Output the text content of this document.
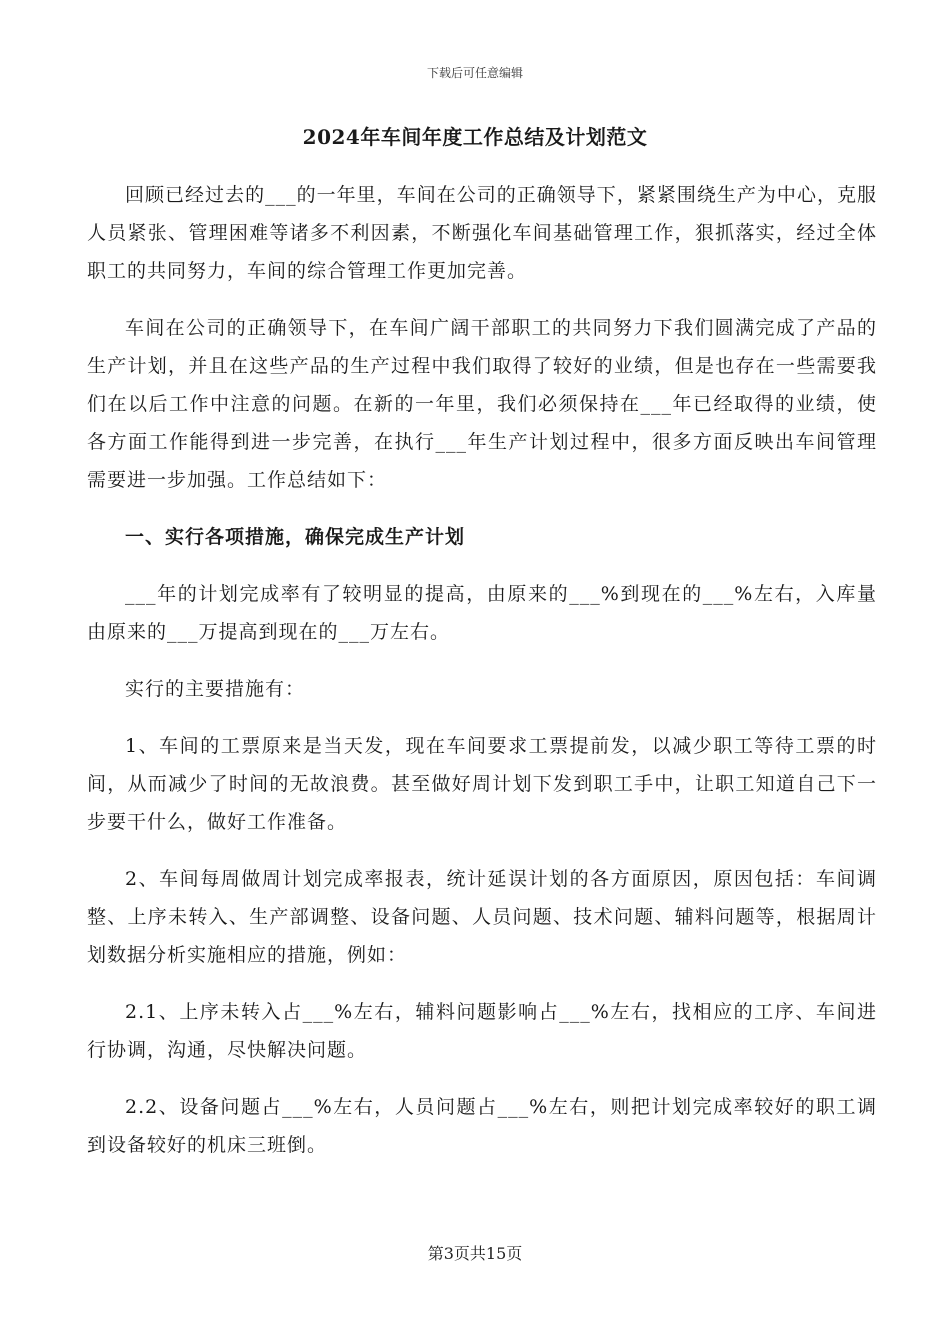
下载后可任意编辑
2024年车间年度工作总结及计划范文

回顾已经过去的___的一年里，车间在公司的正确领导下，紧紧围绕生产为中心，克服人员紧张、管理困难等诸多不利因素，不断强化车间基础管理工作，狠抓落实，经过全体职工的共同努力，车间的综合管理工作更加完善。

车间在公司的正确领导下，在车间广阔干部职工的共同努力下我们圆满完成了产品的生产计划，并且在这些产品的生产过程中我们取得了较好的业绩，但是也存在一些需要我们在以后工作中注意的问题。在新的一年里，我们必须保持在___年已经取得的业绩，使各方面工作能得到进一步完善，在执行___年生产计划过程中，很多方面反映出车间管理需要进一步加强。工作总结如下：

一、实行各项措施，确保完成生产计划

___年的计划完成率有了较明显的提高，由原来的___%到现在的___%左右，入库量由原来的___万提高到现在的___万左右。

实行的主要措施有：

1、车间的工票原来是当天发，现在车间要求工票提前发，以减少职工等待工票的时间，从而减少了时间的无故浪费。甚至做好周计划下发到职工手中，让职工知道自己下一步要干什么，做好工作准备。

2、车间每周做周计划完成率报表，统计延误计划的各方面原因，原因包括：车间调整、上序未转入、生产部调整、设备问题、人员问题、技术问题、辅料问题等，根据周计划数据分析实施相应的措施，例如：

2.1、上序未转入占___%左右，辅料问题影响占___%左右，找相应的工序、车间进行协调，沟通，尽快解决问题。

2.2、设备问题占___%左右，人员问题占___%左右，则把计划完成率较好的职工调到设备较好的机床三班倒。

第3页共15页
